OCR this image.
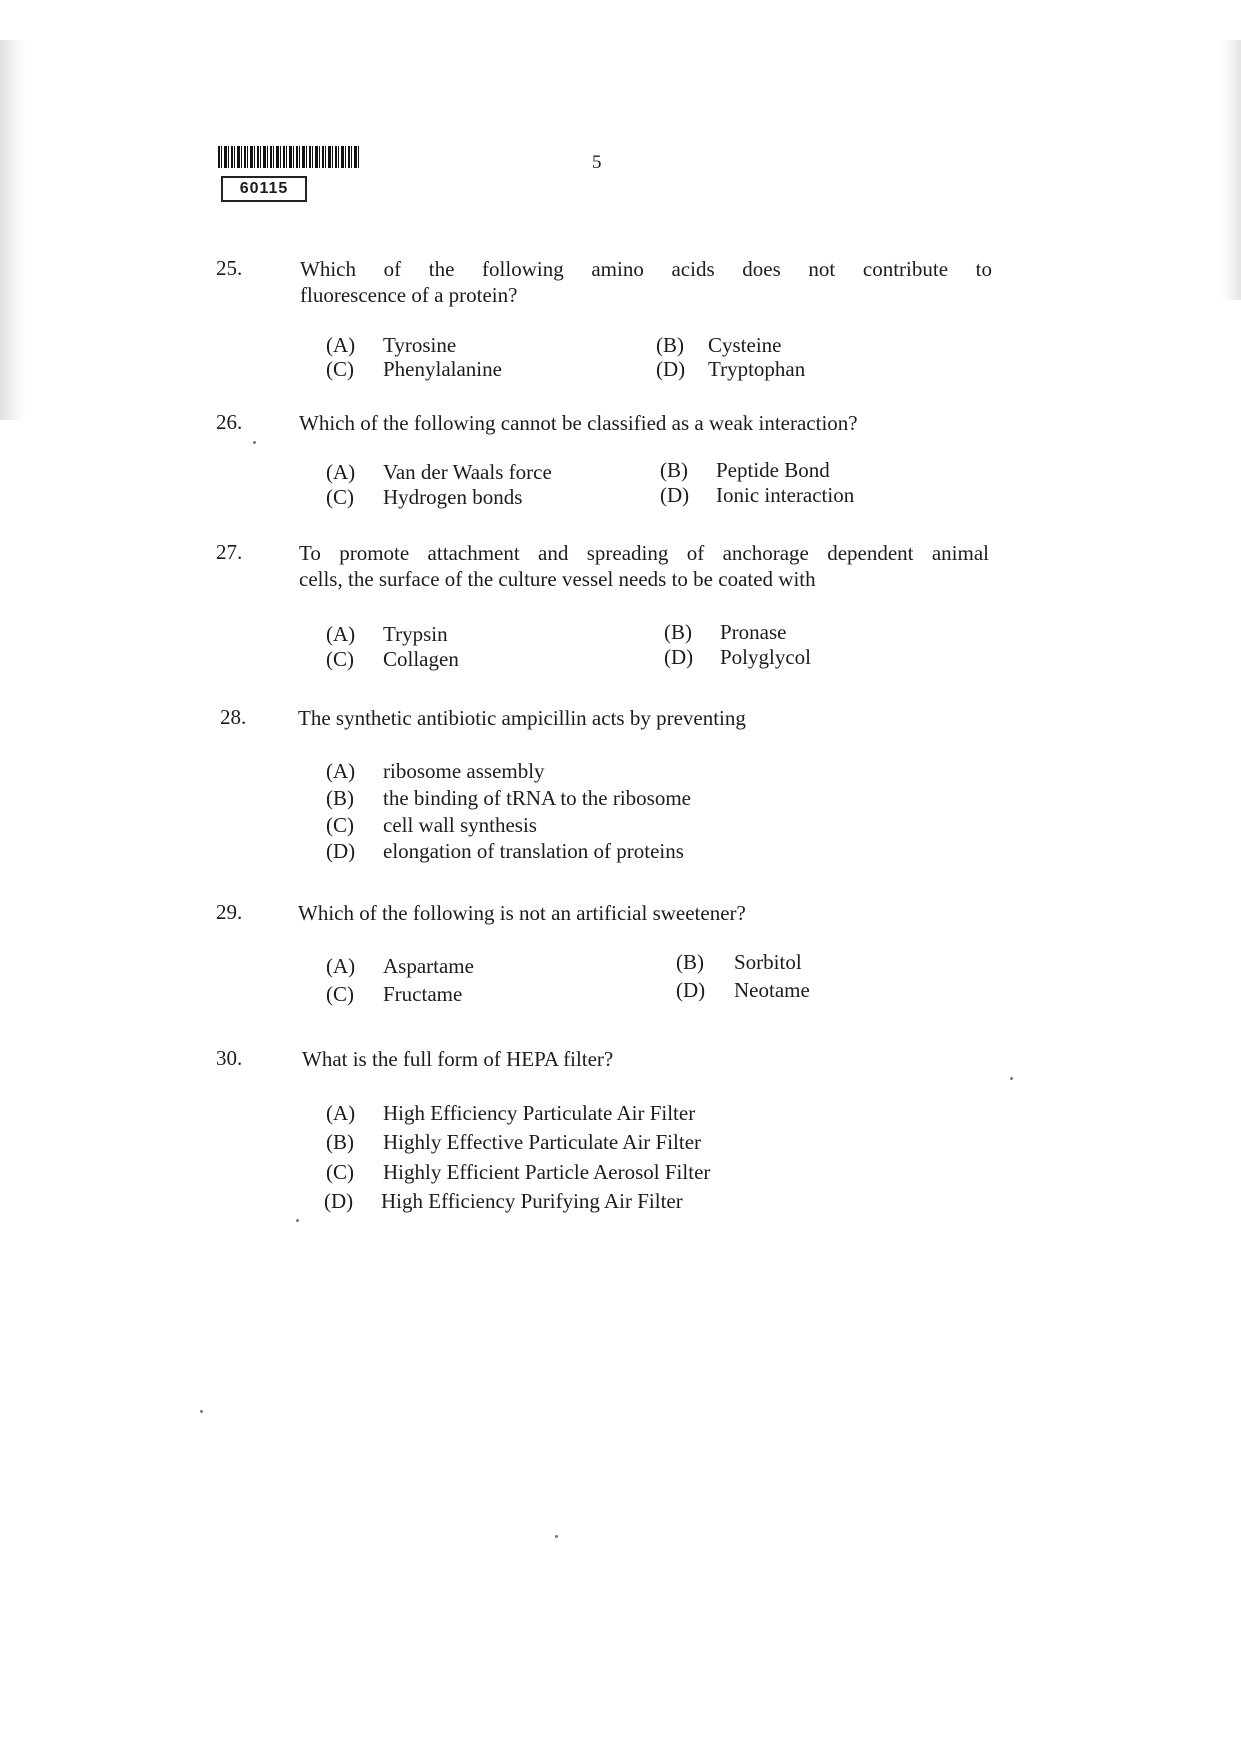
60115
5
25.	Which of the following amino acids does not contribute to
fluorescence of a protein?
(A) Tyrosine	(B) Cysteine
(C) Phenylalanine	(D) Tryptophan
26.	Which of the following cannot be classified as a weak interaction?
(A) Van der Waals force	(B) Peptide Bond
(C) Hydrogen bonds	(D) Ionic interaction
27.	To promote attachment and spreading of anchorage dependent animal
cells, the surface of the culture vessel needs to be coated with
(A) Trypsin	(B) Pronase
(C) Collagen	(D) Polyglycol
28. The synthetic antibiotic ampicillin acts by preventing
(A) ribosome assembly
(B) the binding of tRNA to the ribosome
(C) cell wall synthesis
(D) elongation of translation of proteins
29.	Which of the following is not an artificial sweetener?
(A) Aspartame	(B) Sorbitol
(C) Fructame	(D) Neotame
30.	What is the full form of HEPA filter?
(A) High Efficiency Particulate Air Filter
(B) Highly Effective Particulate Air Filter
(C) Highly Efficient Particle Aerosol Filter
(D) High Efficiency Purifying Air Filter
